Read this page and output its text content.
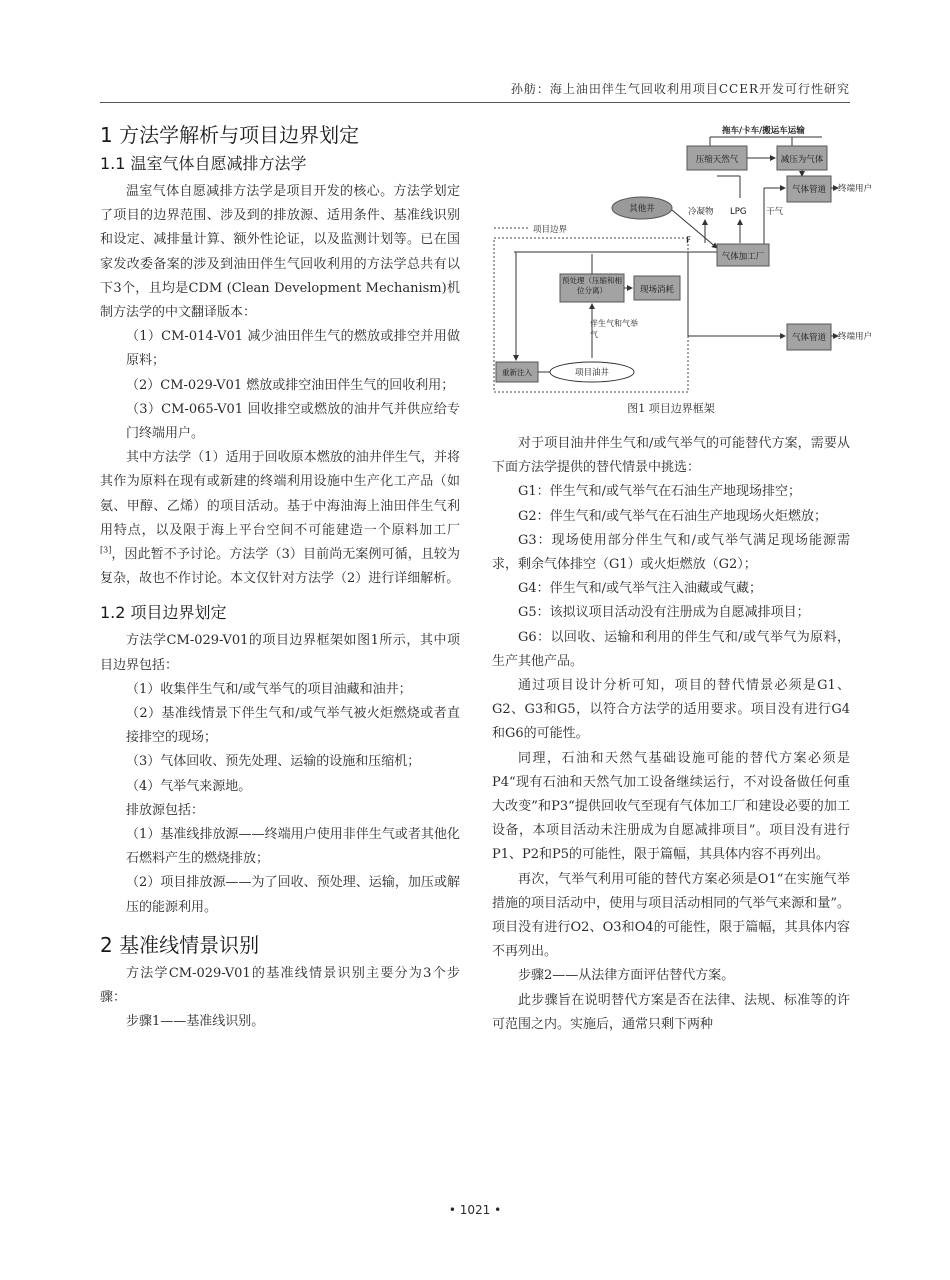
孙舫：海上油田伴生气回收利用项目CCER开发可行性研究
1 方法学解析与项目边界划定
1.1 温室气体自愿减排方法学

温室气体自愿减排方法学是项目开发的核心。方法学划定了项目的边界范围、涉及到的排放源、适用条件、基准线识别和设定、减排量计算、额外性论证，以及监测计划等。已在国家发改委备案的涉及到油田伴生气回收利用的方法学总共有以下3个，且均是CDM (Clean Development Mechanism)机制方法学的中文翻译版本：

（1）CM-014-V01 减少油田伴生气的燃放或排空并用做原料；

（2）CM-029-V01 燃放或排空油田伴生气的回收利用；

（3）CM-065-V01 回收排空或燃放的油井气并供应给专门终端用户。

其中方法学（1）适用于回收原本燃放的油井伴生气，并将其作为原料在现有或新建的终端利用设施中生产化工产品（如氨、甲醇、乙烯）的项目活动。基于中海油海上油田伴生气利用特点，以及限于海上平台空间不可能建造一个原料加工厂[3]，因此暂不予讨论。方法学（3）目前尚无案例可循，且较为复杂，故也不作讨论。本文仅针对方法学（2）进行详细解析。

1.2 项目边界划定

方法学CM-029-V01的项目边界框架如图1所示，其中项目边界包括：

（1）收集伴生气和/或气举气的项目油藏和油井；

（2）基准线情景下伴生气和/或气举气被火炬燃烧或者直接排空的现场；

（3）气体回收、预先处理、运输的设施和压缩机；

（4）气举气来源地。

排放源包括：

（1）基准线排放源——终端用户使用非伴生气或者其他化石燃料产生的燃烧排放；

（2）项目排放源——为了回收、预处理、运输，加压或解压的能源利用。

2 基准线情景识别

方法学CM-029-V01的基准线情景识别主要分为3个步骤：

步骤1——基准线识别。

项目边界
拖车/卡车/搬运车运输
压缩天然气	减压为气体
气体管道 终端用户
其他井	冷凝物 LPG 干气
F
气体加工厂
预处理（压缩和相位分离）	现场消耗
伴生气和气举气
重新注入	项目油井
气体管道 终端用户
图1 项目边界框架

对于项目油井伴生气和/或气举气的可能替代方案，需要从下面方法学提供的替代情景中挑选：

G1：伴生气和/或气举气在石油生产地现场排空；

G2：伴生气和/或气举气在石油生产地现场火炬燃放；

G3：现场使用部分伴生气和/或气举气满足现场能源需求，剩余气体排空（G1）或火炬燃放（G2）；

G4：伴生气和/或气举气注入油藏或气藏；

G5：该拟议项目活动没有注册成为自愿减排项目；

G6：以回收、运输和利用的伴生气和/或气举气为原料，生产其他产品。

通过项目设计分析可知，项目的替代情景必须是G1、G2、G3和G5，以符合方法学的适用要求。项目没有进行G4和G6的可能性。

同理，石油和天然气基础设施可能的替代方案必须是P4“现有石油和天然气加工设备继续运行，不对设备做任何重大改变”和P3“提供回收气至现有气体加工厂和建设必要的加工设备，本项目活动未注册成为自愿减排项目”。项目没有进行P1、P2和P5的可能性，限于篇幅，其具体内容不再列出。

再次，气举气利用可能的替代方案必须是O1“在实施气举措施的项目活动中，使用与项目活动相同的气举气来源和量”。项目没有进行O2、O3和O4的可能性，限于篇幅，其具体内容不再列出。

步骤2——从法律方面评估替代方案。

此步骤旨在说明替代方案是否在法律、法规、标准等的许可范围之内。实施后，通常只剩下两种

• 1021 •
